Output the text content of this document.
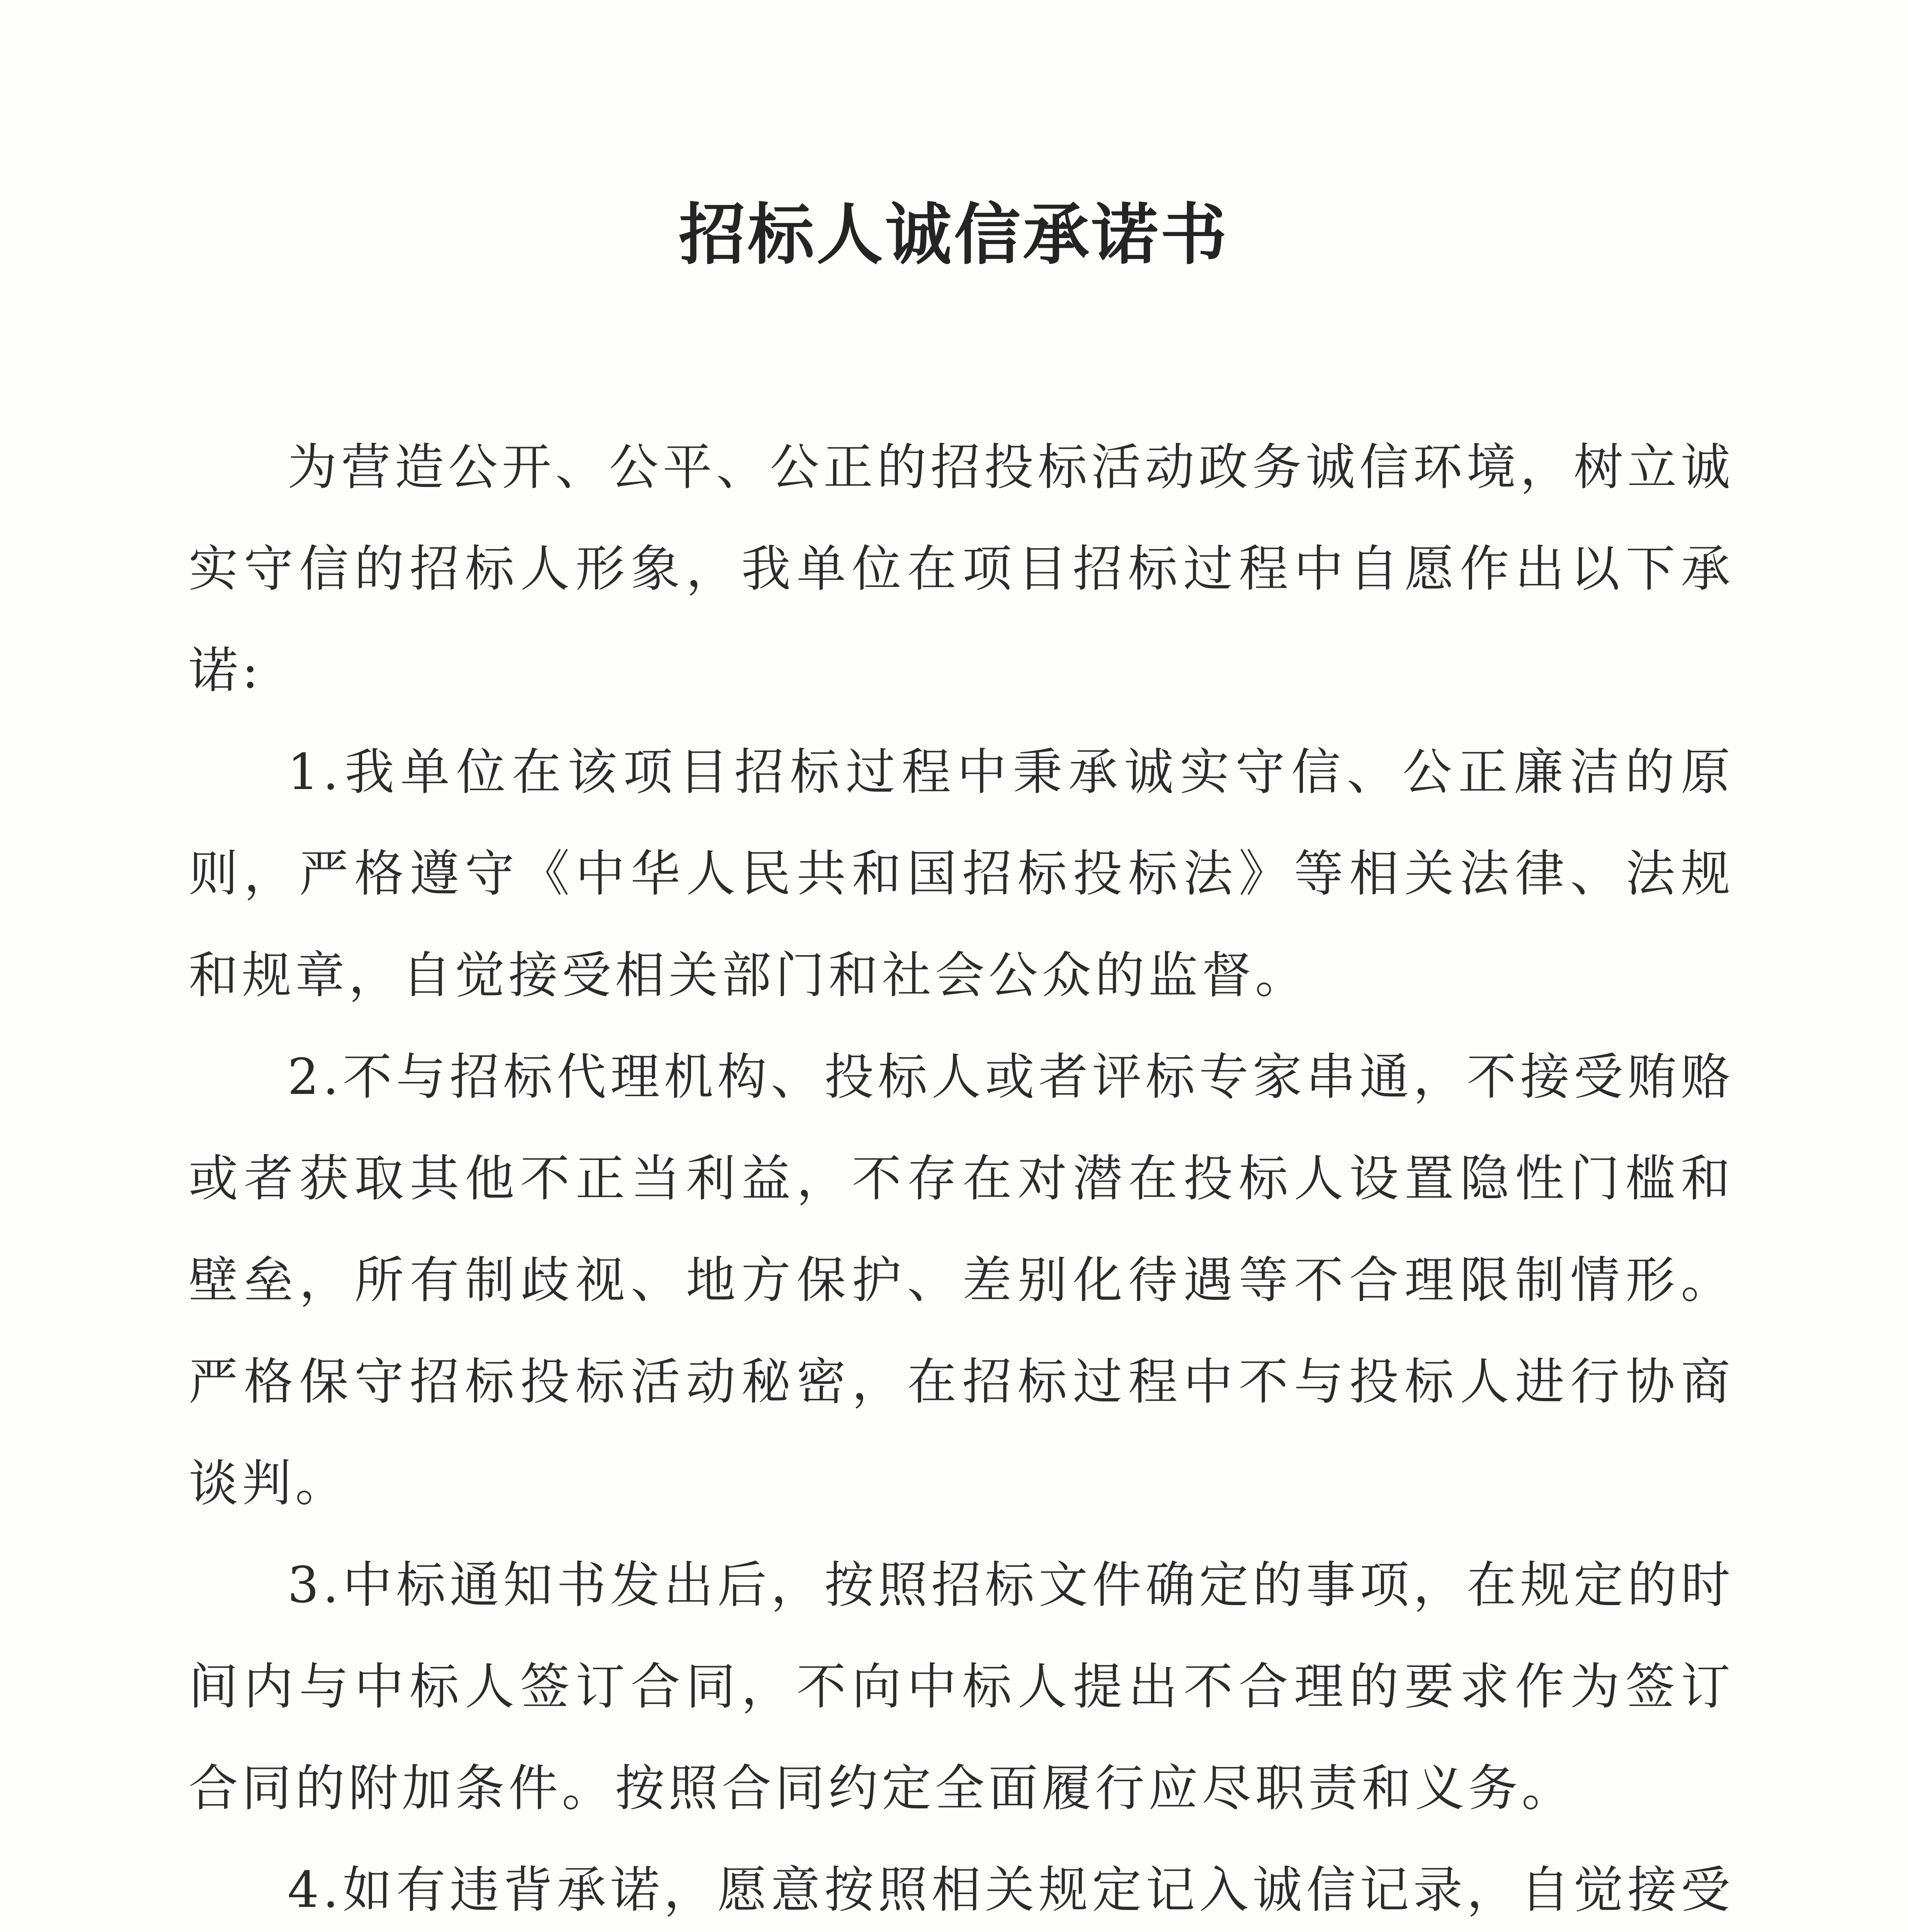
招标人诚信承诺书

为营造公开、公平、公正的招投标活动政务诚信环境，树立诚实守信的招标人形象，我单位在项目招标过程中自愿作出以下承诺:

1.我单位在该项目招标过程中秉承诚实守信、公正廉洁的原则，严格遵守《中华人民共和国招标投标法》等相关法律、法规和规章，自觉接受相关部门和社会公众的监督。

2.不与招标代理机构、投标人或者评标专家串通，不接受贿赂或者获取其他不正当利益，不存在对潜在投标人设置隐性门槛和壁垒，所有制歧视、地方保护、差别化待遇等不合理限制情形。严格保守招标投标活动秘密，在招标过程中不与投标人进行协商谈判。

3.中标通知书发出后，按照招标文件确定的事项，在规定的时间内与中标人签订合同，不向中标人提出不合理的要求作为签订合同的附加条件。按照合同约定全面履行应尽职责和义务。

4.如有违背承诺，愿意按照相关规定记入诚信记录，自觉接受
